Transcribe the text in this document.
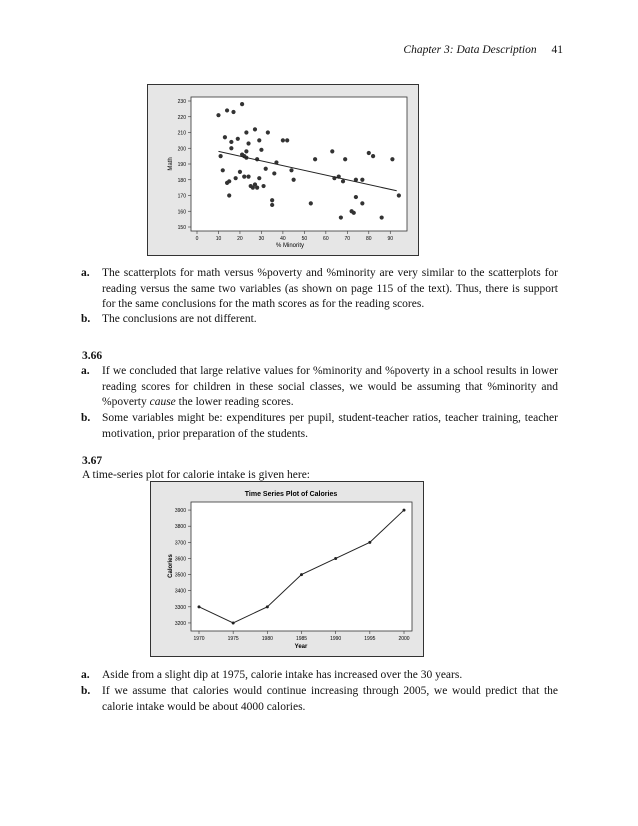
Chapter 3: Data Description 41
150
160
170
180
190
200
210
220
230
0	10	20	30	40	50	60	70	80	90
% Minority
Math
a. The scatterplots for math versus %poverty and %minority are very similar to the scatterplots for reading versus the same two variables (as shown on page 115 of the text). Thus, there is support for the same conclusions for the math scores as for the reading scores.

b. The conclusions are not different.

3.66
a. If we concluded that large relative values for %minority and %poverty in a school results in lower reading scores for children in these social classes, we would be assuming that %minority and %poverty cause the lower reading scores.

b. Some variables might be: expenditures per pupil, student-teacher ratios, teacher training, teacher motivation, prior preparation of the students.

3.67
A time-series plot for calorie intake is given here:
Time Series Plot of Calories
3200
3300
3400
3500
3600
3700
3800
3900
1970	1975	1980	1985	1990	1995	2000
Year
Calories
a. Aside from a slight dip at 1975, calorie intake has increased over the 30 years.

b. If we assume that calories would continue increasing through 2005, we would predict that the calorie intake would be about 4000 calories.
